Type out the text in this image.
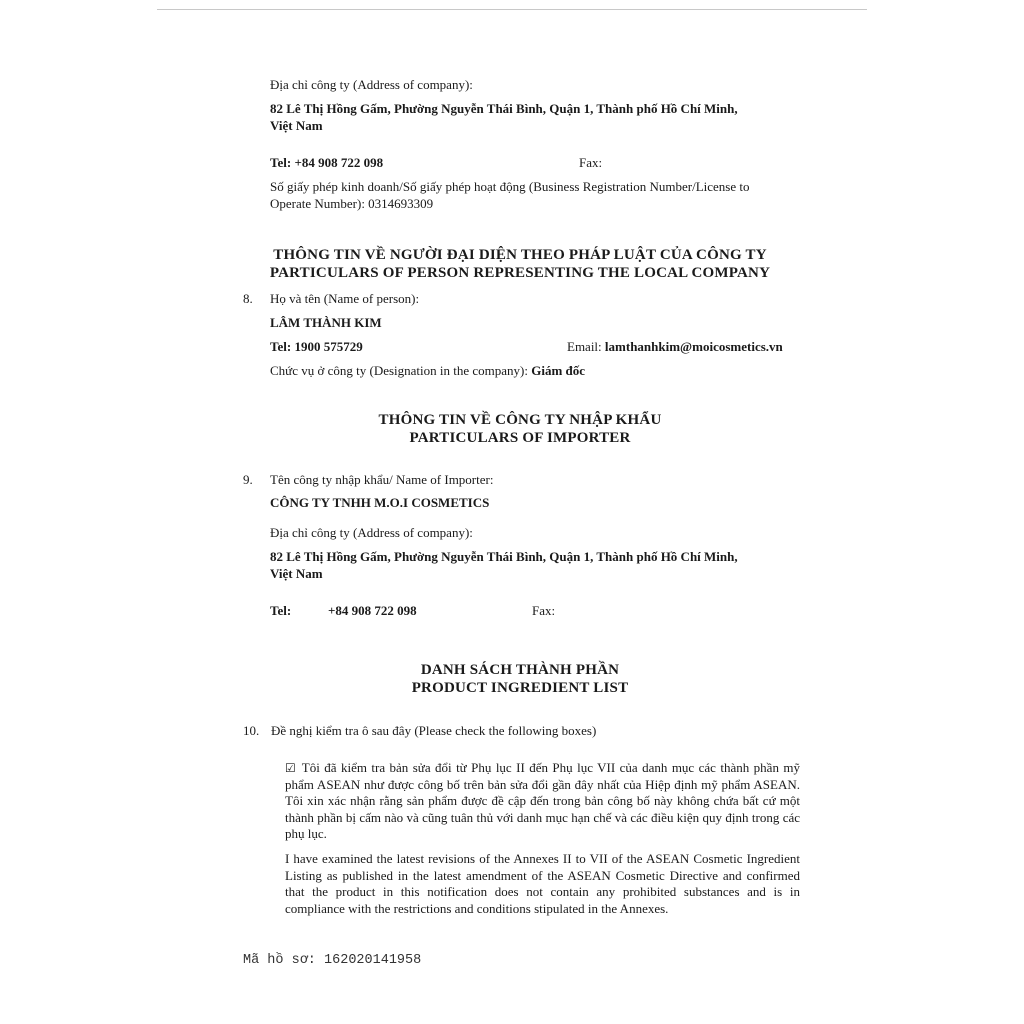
Địa chỉ công ty (Address of company):
82 Lê Thị Hồng Gấm, Phường Nguyễn Thái Bình, Quận 1, Thành phố Hồ Chí Minh,
Việt Nam
Tel: +84 908 722 098	Fax:
Số giấy phép kinh doanh/Số giấy phép hoạt động (Business Registration Number/License to
Operate Number): 0314693309
THÔNG TIN VỀ NGƯỜI ĐẠI DIỆN THEO PHÁP LUẬT CỦA CÔNG TY
PARTICULARS OF PERSON REPRESENTING THE LOCAL COMPANY
8. Họ và tên (Name of person):
LÂM THÀNH KIM
Tel: 1900 575729	Email: lamthanhkim@moicosmetics.vn
Chức vụ ở công ty (Designation in the company): Giám đốc
THÔNG TIN VỀ CÔNG TY NHẬP KHẨU
PARTICULARS OF IMPORTER
9. Tên công ty nhập khẩu/ Name of Importer:
CÔNG TY TNHH M.O.I COSMETICS
Địa chỉ công ty (Address of company):
82 Lê Thị Hồng Gấm, Phường Nguyễn Thái Bình, Quận 1, Thành phố Hồ Chí Minh,
Việt Nam
Tel:	+84 908 722 098	Fax:
DANH SÁCH THÀNH PHẦN
PRODUCT INGREDIENT LIST
10. Đề nghị kiểm tra ô sau đây (Please check the following boxes)
☑ Tôi đã kiểm tra bản sửa đổi từ Phụ lục II đến Phụ lục VII của danh mục các thành phần mỹ phẩm ASEAN như được công bố trên bản sửa đổi gần đây nhất của Hiệp định mỹ phẩm ASEAN. Tôi xin xác nhận rằng sản phẩm được đề cập đến trong bản công bố này không chứa bất cứ một thành phần bị cấm nào và cũng tuân thủ với danh mục hạn chế và các điều kiện quy định trong các phụ lục.
I have examined the latest revisions of the Annexes II to VII of the ASEAN Cosmetic Ingredient Listing as published in the latest amendment of the ASEAN Cosmetic Directive and confirmed that the product in this notification does not contain any prohibited substances and is in compliance with the restrictions and conditions stipulated in the Annexes.
Mã hồ sơ: 162020141958
